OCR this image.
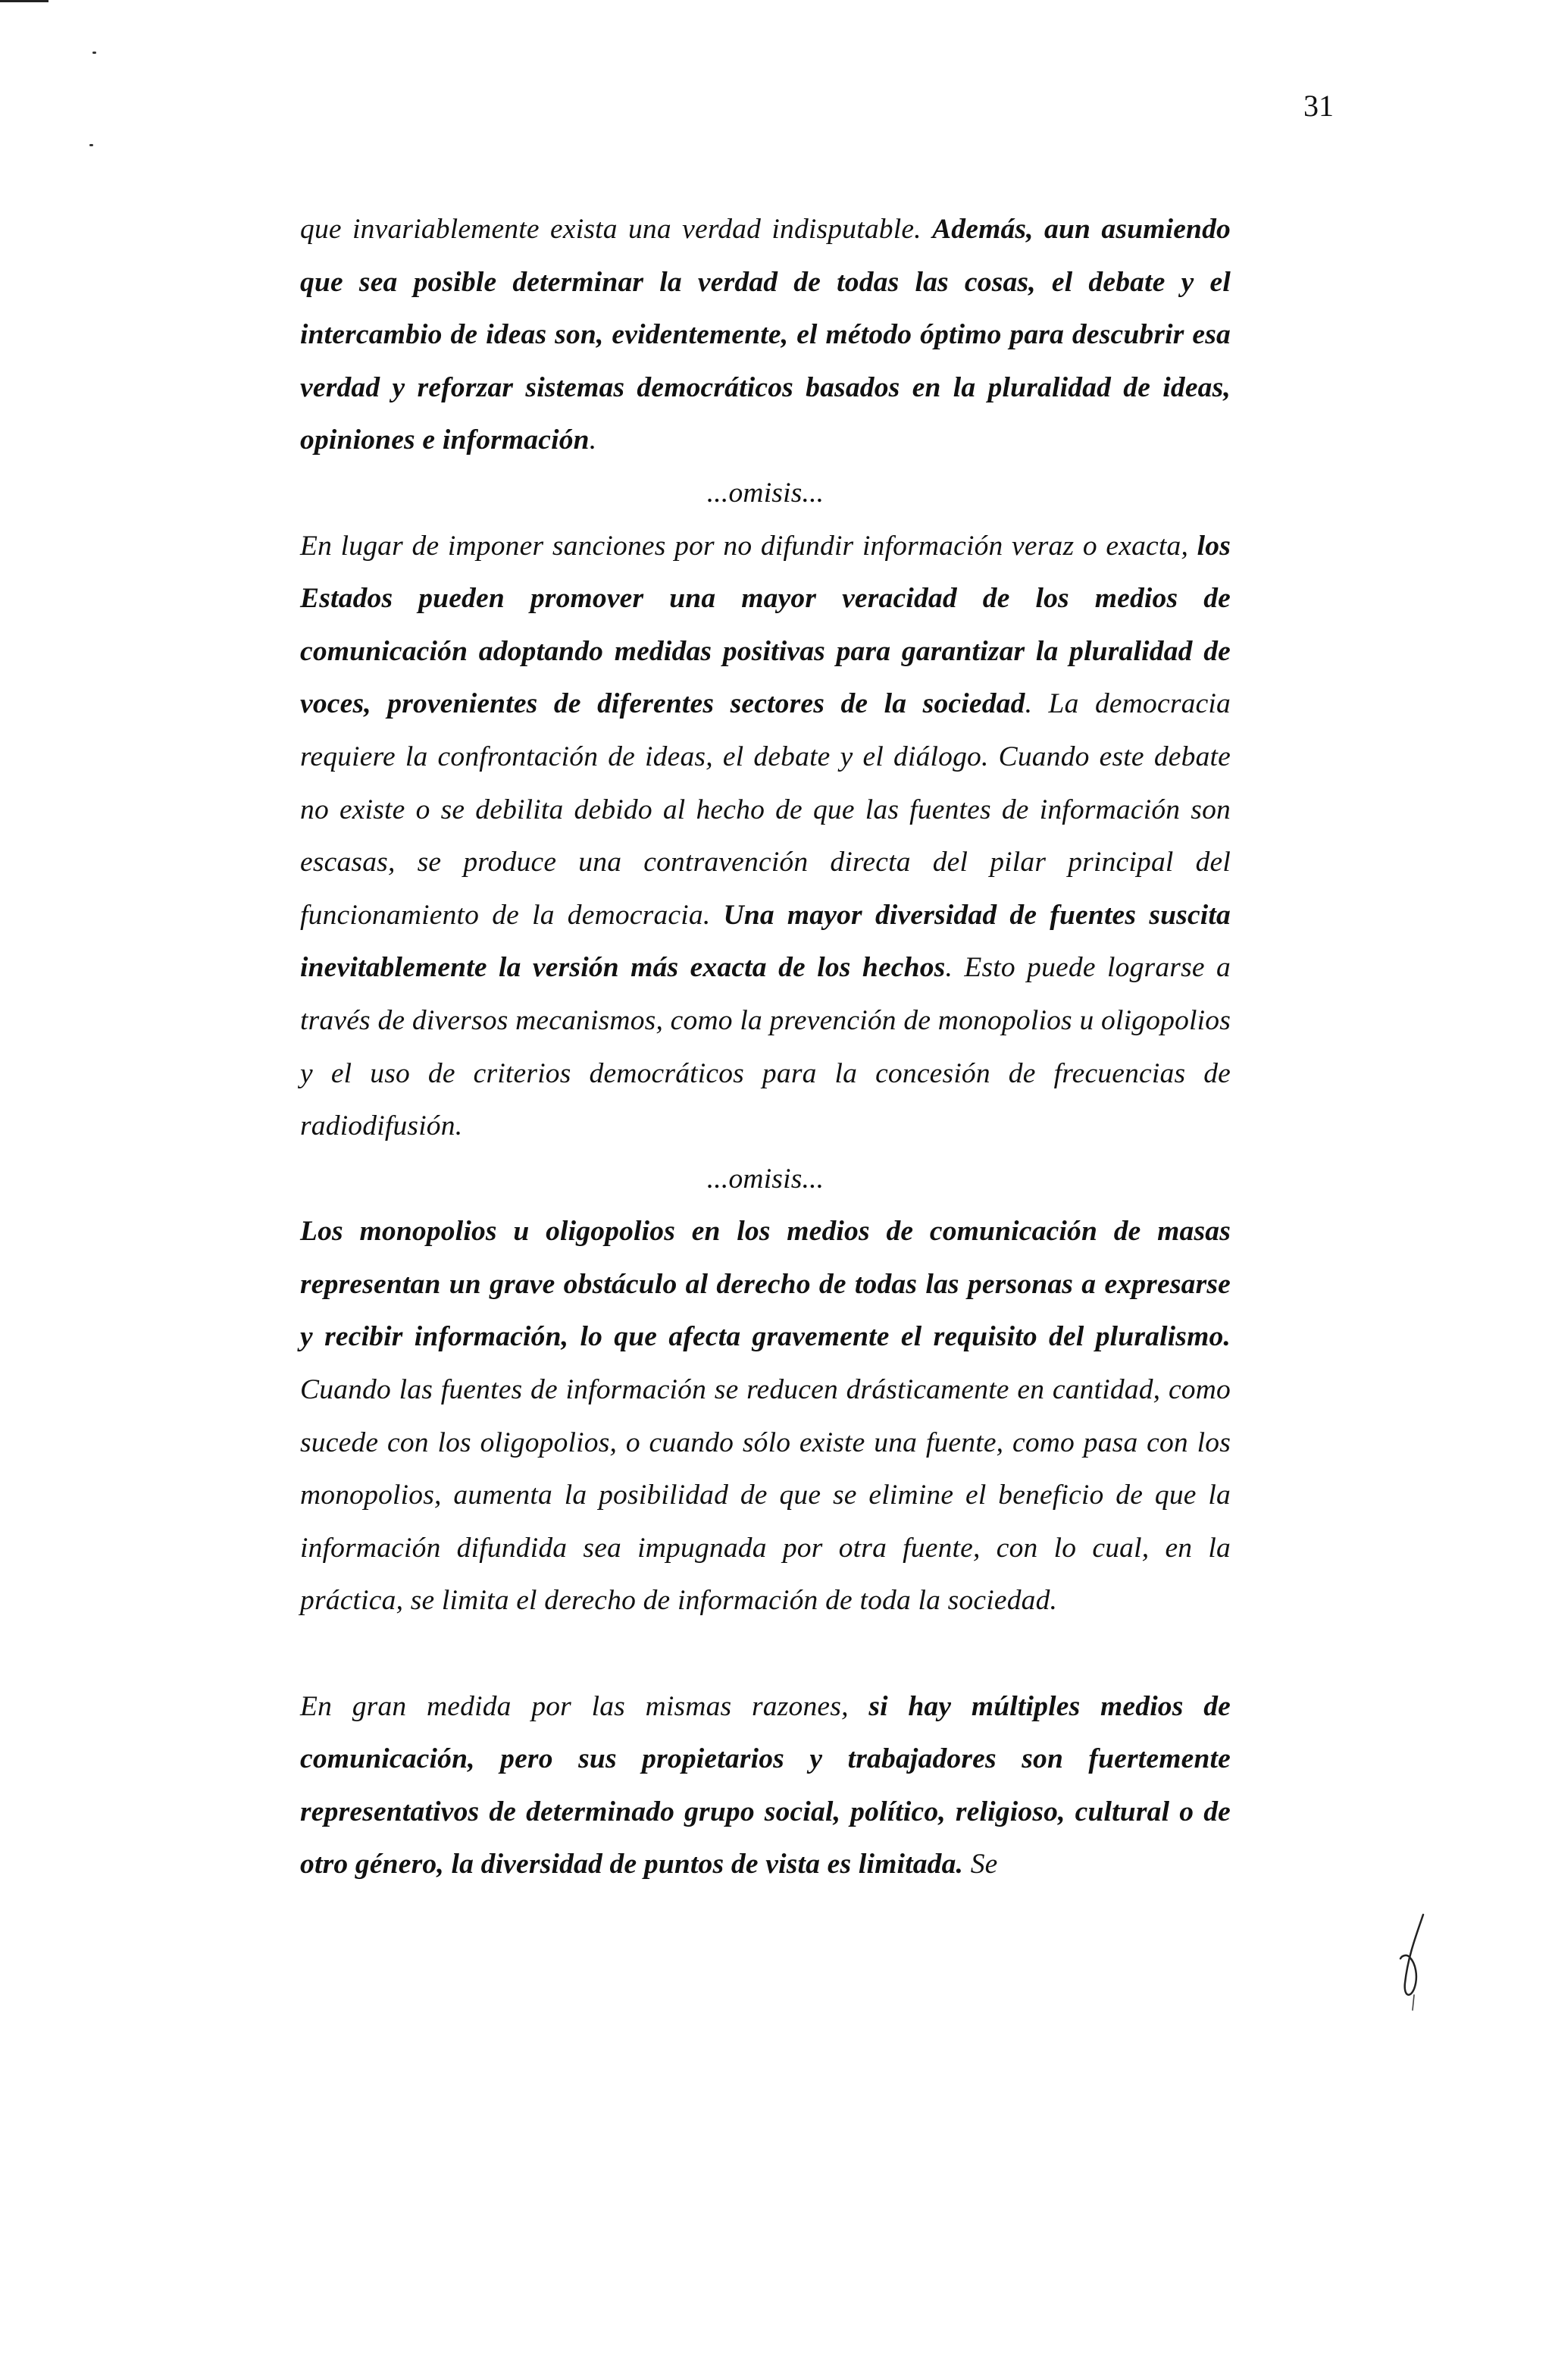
31

que invariablemente exista una verdad indisputable. Además, aun asumiendo que sea posible determinar la verdad de todas las cosas, el debate y el intercambio de ideas son, evidentemente, el método óptimo para descubrir esa verdad y reforzar sistemas democráticos basados en la pluralidad de ideas, opiniones e información.

...omisis...

En lugar de imponer sanciones por no difundir información veraz o exacta, los Estados pueden promover una mayor veracidad de los medios de comunicación adoptando medidas positivas para garantizar la pluralidad de voces, provenientes de diferentes sectores de la sociedad. La democracia requiere la confrontación de ideas, el debate y el diálogo. Cuando este debate no existe o se debilita debido al hecho de que las fuentes de información son escasas, se produce una contravención directa del pilar principal del funcionamiento de la democracia. Una mayor diversidad de fuentes suscita inevitablemente la versión más exacta de los hechos. Esto puede lograrse a través de diversos mecanismos, como la prevención de monopolios u oligopolios y el uso de criterios democráticos para la concesión de frecuencias de radiodifusión.

...omisis...

Los monopolios u oligopolios en los medios de comunicación de masas representan un grave obstáculo al derecho de todas las personas a expresarse y recibir información, lo que afecta gravemente el requisito del pluralismo. Cuando las fuentes de información se reducen drásticamente en cantidad, como sucede con los oligopolios, o cuando sólo existe una fuente, como pasa con los monopolios, aumenta la posibilidad de que se elimine el beneficio de que la información difundida sea impugnada por otra fuente, con lo cual, en la práctica, se limita el derecho de información de toda la sociedad.

En gran medida por las mismas razones, si hay múltiples medios de comunicación, pero sus propietarios y trabajadores son fuertemente representativos de determinado grupo social, político, religioso, cultural o de otro género, la diversidad de puntos de vista es limitada. Se
